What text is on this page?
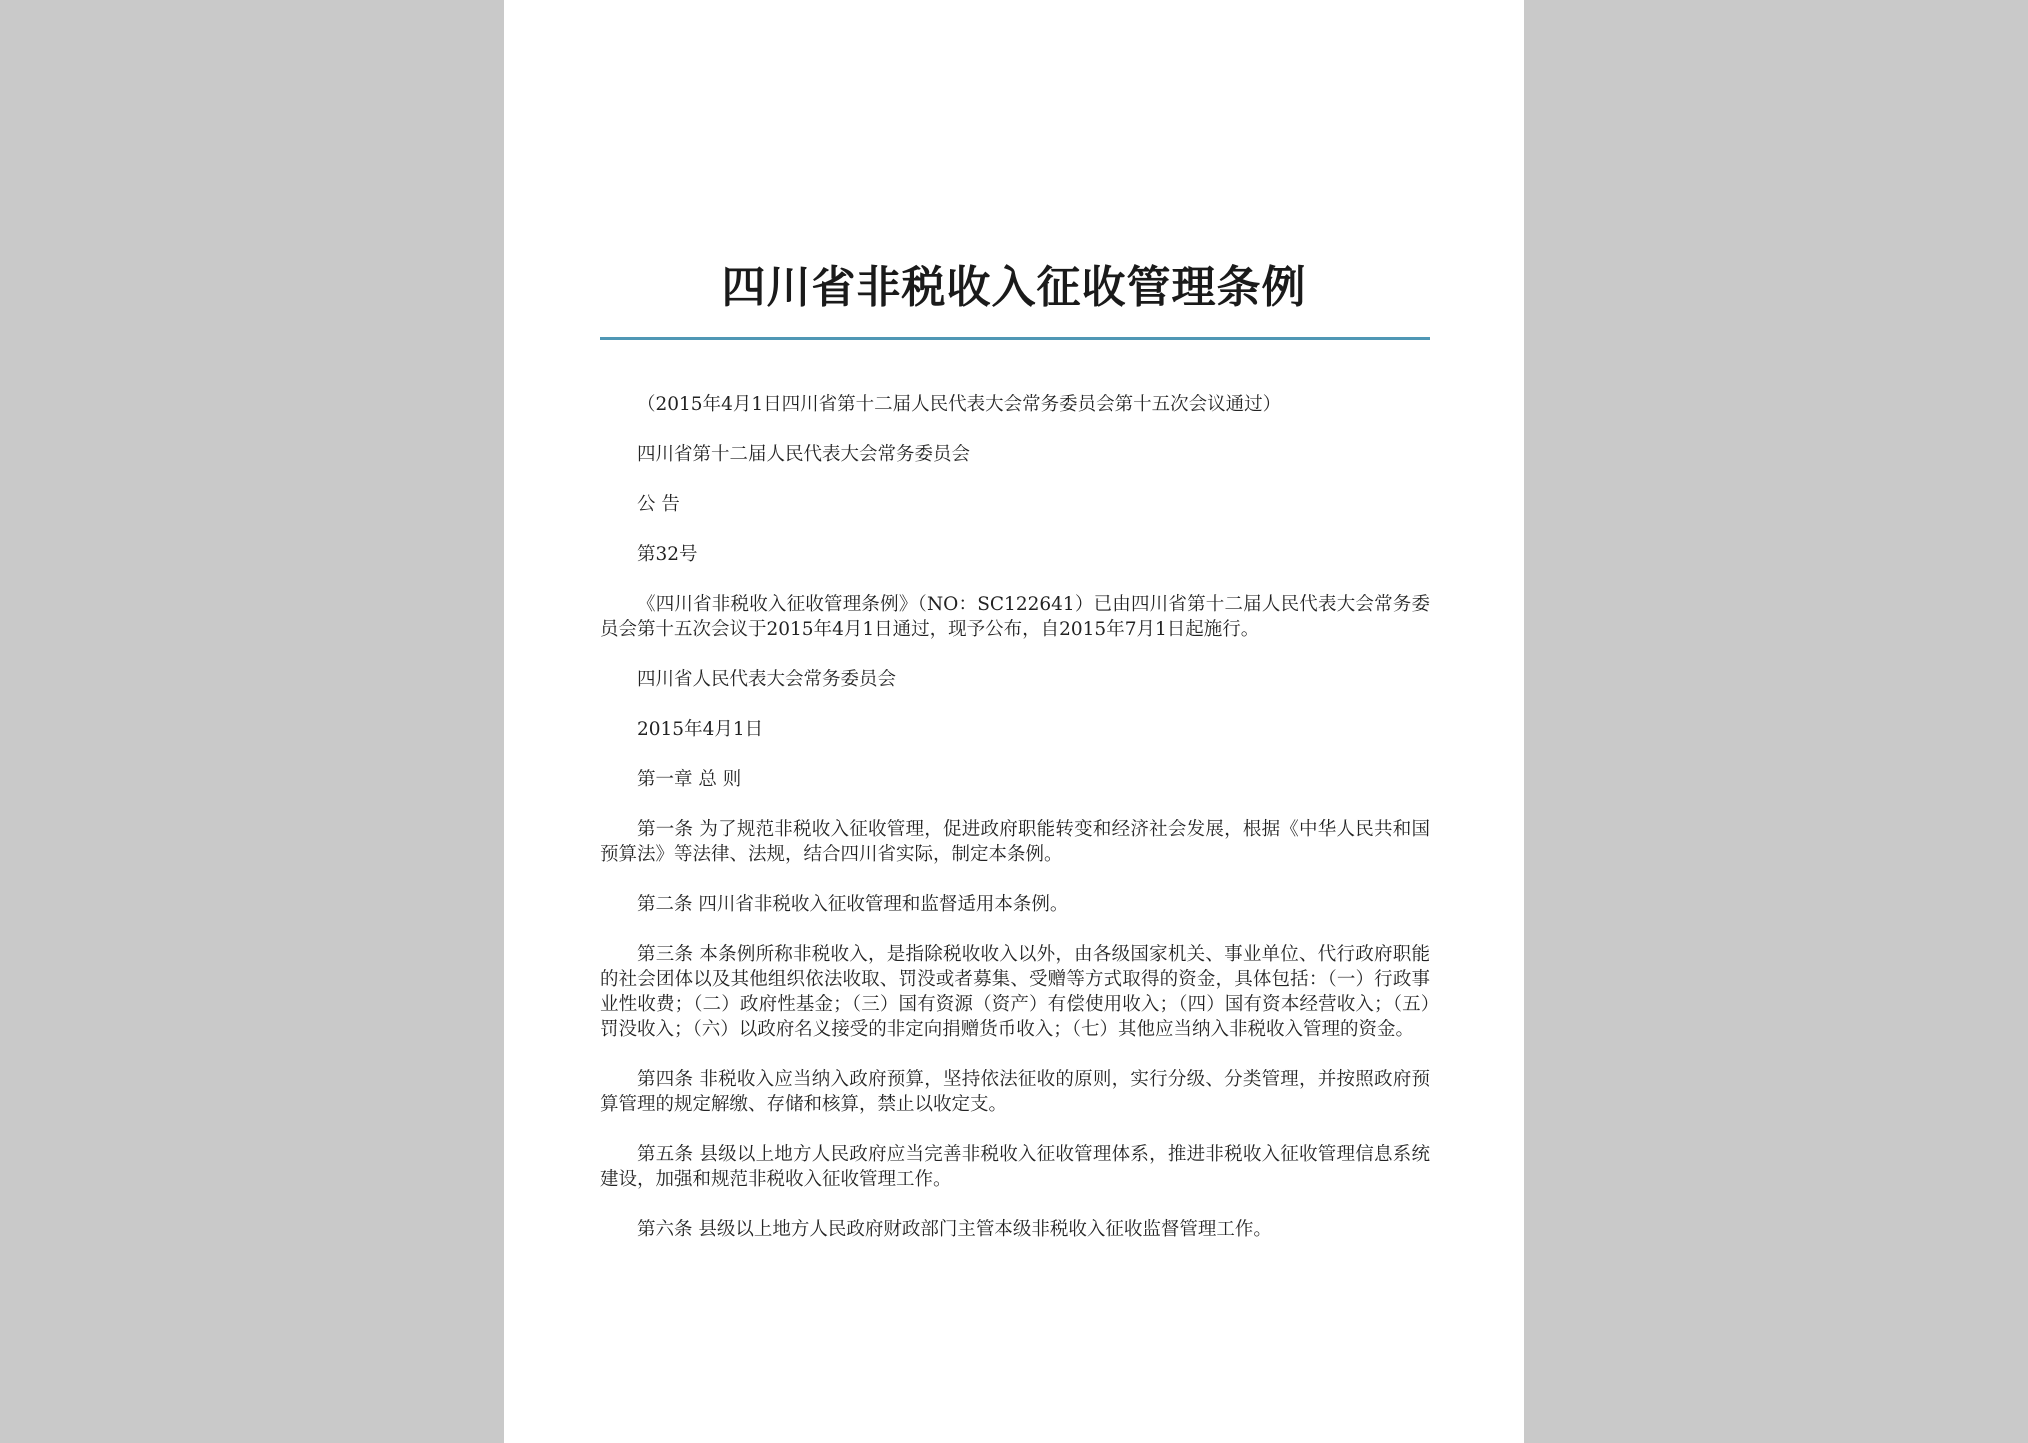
四川省非税收入征收管理条例

（2015年4月1日四川省第十二届人民代表大会常务委员会第十五次会议通过）

四川省第十二届人民代表大会常务委员会

公 告

第32号

《四川省非税收入征收管理条例》（NO：SC122641）已由四川省第十二届人民代表大会常务委员会第十五次会议于2015年4月1日通过，现予公布，自2015年7月1日起施行。

四川省人民代表大会常务委员会

2015年4月1日

第一章 总 则

第一条 为了规范非税收入征收管理，促进政府职能转变和经济社会发展，根据《中华人民共和国预算法》等法律、法规，结合四川省实际，制定本条例。

第二条 四川省非税收入征收管理和监督适用本条例。

第三条 本条例所称非税收入，是指除税收收入以外，由各级国家机关、事业单位、代行政府职能的社会团体以及其他组织依法收取、罚没或者募集、受赠等方式取得的资金，具体包括：（一）行政事业性收费；（二）政府性基金；（三）国有资源（资产）有偿使用收入；（四）国有资本经营收入；（五）罚没收入；（六）以政府名义接受的非定向捐赠货币收入；（七）其他应当纳入非税收入管理的资金。

第四条 非税收入应当纳入政府预算，坚持依法征收的原则，实行分级、分类管理，并按照政府预算管理的规定解缴、存储和核算，禁止以收定支。

第五条 县级以上地方人民政府应当完善非税收入征收管理体系，推进非税收入征收管理信息系统建设，加强和规范非税收入征收管理工作。

第六条 县级以上地方人民政府财政部门主管本级非税收入征收监督管理工作。
